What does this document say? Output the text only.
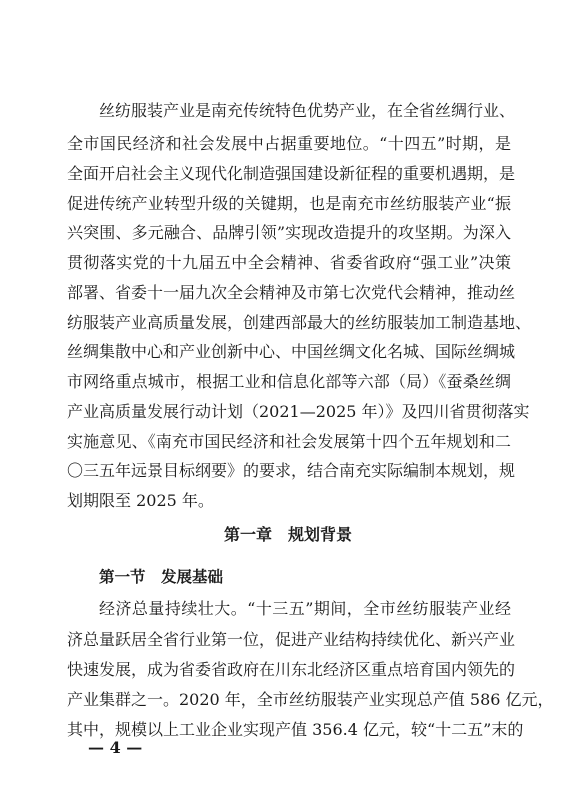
丝纺服装产业是南充传统特色优势产业，在全省丝绸行业、
全市国民经济和社会发展中占据重要地位。“十四五”时期，是
全面开启社会主义现代化制造强国建设新征程的重要机遇期，是
促进传统产业转型升级的关键期，也是南充市丝纺服装产业“振
兴突围、多元融合、品牌引领”实现改造提升的攻坚期。为深入
贯彻落实党的十九届五中全会精神、省委省政府“强工业”决策
部署、省委十一届九次全会精神及市第七次党代会精神，推动丝
纺服装产业高质量发展，创建西部最大的丝纺服装加工制造基地、
丝绸集散中心和产业创新中心、中国丝绸文化名城、国际丝绸城
市网络重点城市，根据工业和信息化部等六部（局）《蚕桑丝绸
产业高质量发展行动计划（2021—2025 年）》及四川省贯彻落实
实施意见、《南充市国民经济和社会发展第十四个五年规划和二
〇三五年远景目标纲要》的要求，结合南充实际编制本规划，规
划期限至 2025 年。
第一章　规划背景
第一节　发展基础
经济总量持续壮大。“十三五”期间，全市丝纺服装产业经
济总量跃居全省行业第一位，促进产业结构持续优化、新兴产业
快速发展，成为省委省政府在川东北经济区重点培育国内领先的
产业集群之一。2020 年，全市丝纺服装产业实现总产值 586 亿元，
其中，规模以上工业企业实现产值 356.4 亿元，较“十二五”末的
— 4 —
